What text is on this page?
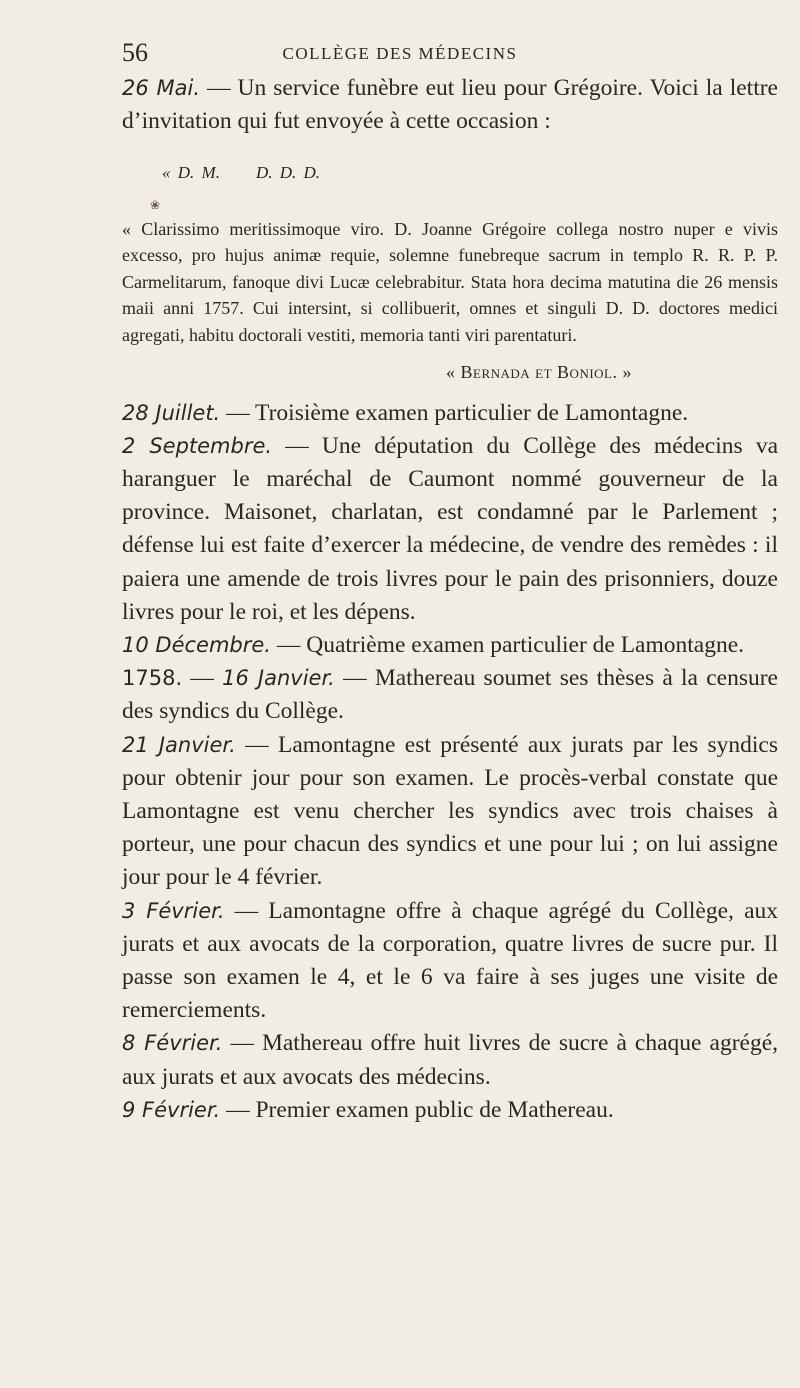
56	COLLÈGE DES MÉDECINS

26 Mai. — Un service funèbre eut lieu pour Grégoire. Voici la lettre d’invitation qui fut envoyée à cette occasion :

« D. M. D. D. D.
❀
« Clarissimo meritissimoque viro. D. Joanne Grégoire collega nostro nuper e vivis excesso, pro hujus animæ requie, solemne funebreque sacrum in templo R. R. P. P. Carmelitarum, fanoque divi Lucæ celebrabitur. Stata hora decima matutina die 26 mensis maii anni 1757. Cui intersint, si collibuerit, omnes et singuli D. D. doctores medici agregati, habitu doctorali vestiti, memoria tanti viri parentaturi.
« Bernada et Boniol. »

28 Juillet. — Troisième examen particulier de Lamontagne.

2 Septembre. — Une députation du Collège des médecins va haranguer le maréchal de Caumont nommé gouverneur de la province. Maisonet, charlatan, est condamné par le Parlement ; défense lui est faite d’exercer la médecine, de vendre des remèdes : il paiera une amende de trois livres pour le pain des prisonniers, douze livres pour le roi, et les dépens.

10 Décembre. — Quatrième examen particulier de Lamontagne.

1758. — 16 Janvier. — Mathereau soumet ses thèses à la censure des syndics du Collège.

21 Janvier. — Lamontagne est présenté aux jurats par les syndics pour obtenir jour pour son examen. Le procès-verbal constate que Lamontagne est venu chercher les syndics avec trois chaises à porteur, une pour chacun des syndics et une pour lui ; on lui assigne jour pour le 4 février.

3 Février. — Lamontagne offre à chaque agrégé du Collège, aux jurats et aux avocats de la corporation, quatre livres de sucre pur. Il passe son examen le 4, et le 6 va faire à ses juges une visite de remerciements.

8 Février. — Mathereau offre huit livres de sucre à chaque agrégé, aux jurats et aux avocats des médecins.

9 Février. — Premier examen public de Mathereau.
